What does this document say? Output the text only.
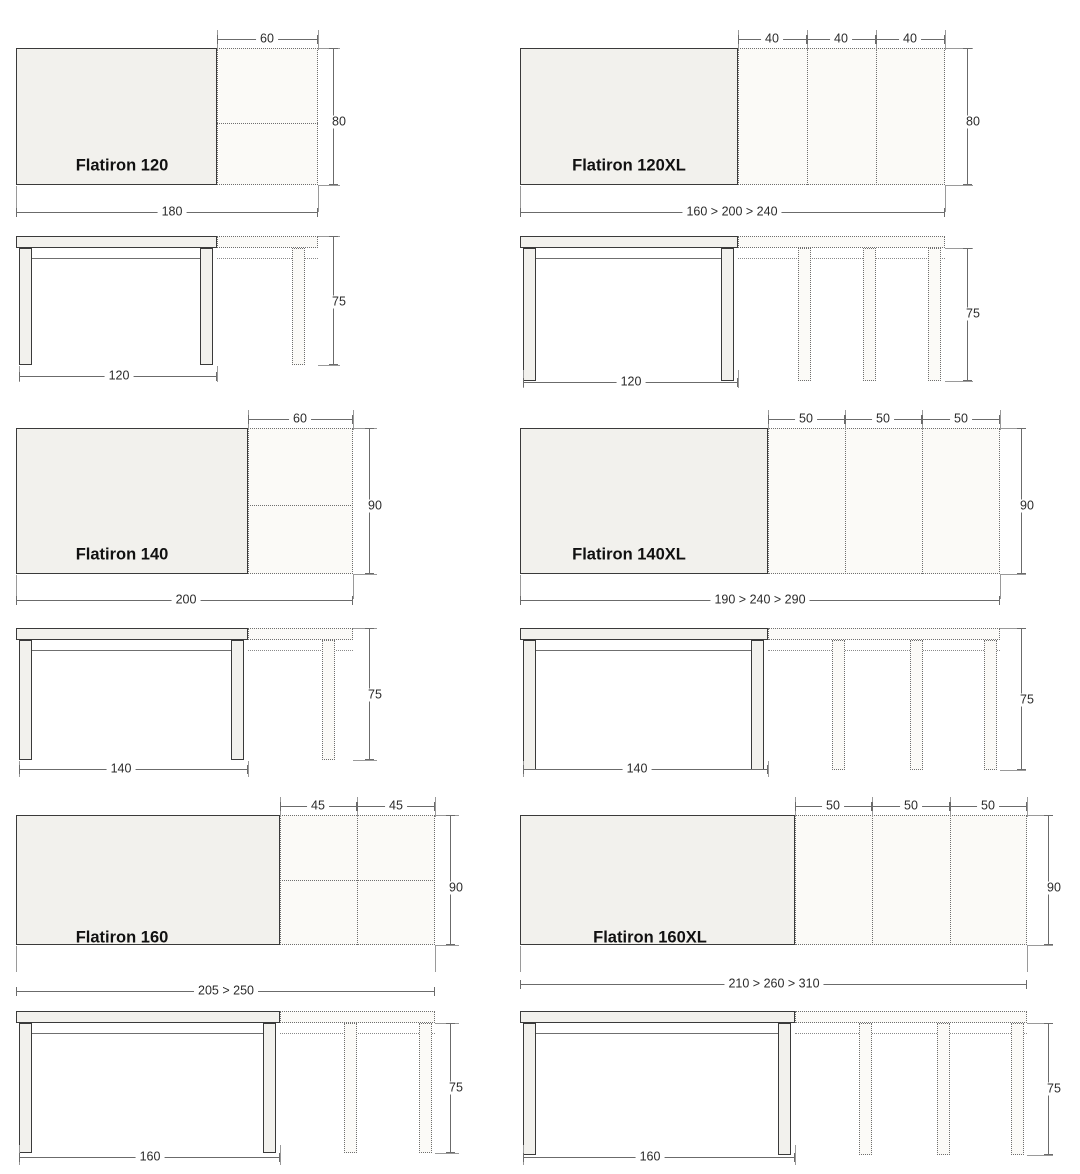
60
80
Flatiron 120
180
75
120
40	40	40
80
Flatiron 120XL
160 > 200 > 240
75
120
60
90
Flatiron 140
200
75
140
50	50	50
90
Flatiron 140XL
190 > 240 > 290
75
140
45	45
90
Flatiron 160
205 > 250
75
160
50	50	50
90
Flatiron 160XL
210 > 260 > 310
75
160
